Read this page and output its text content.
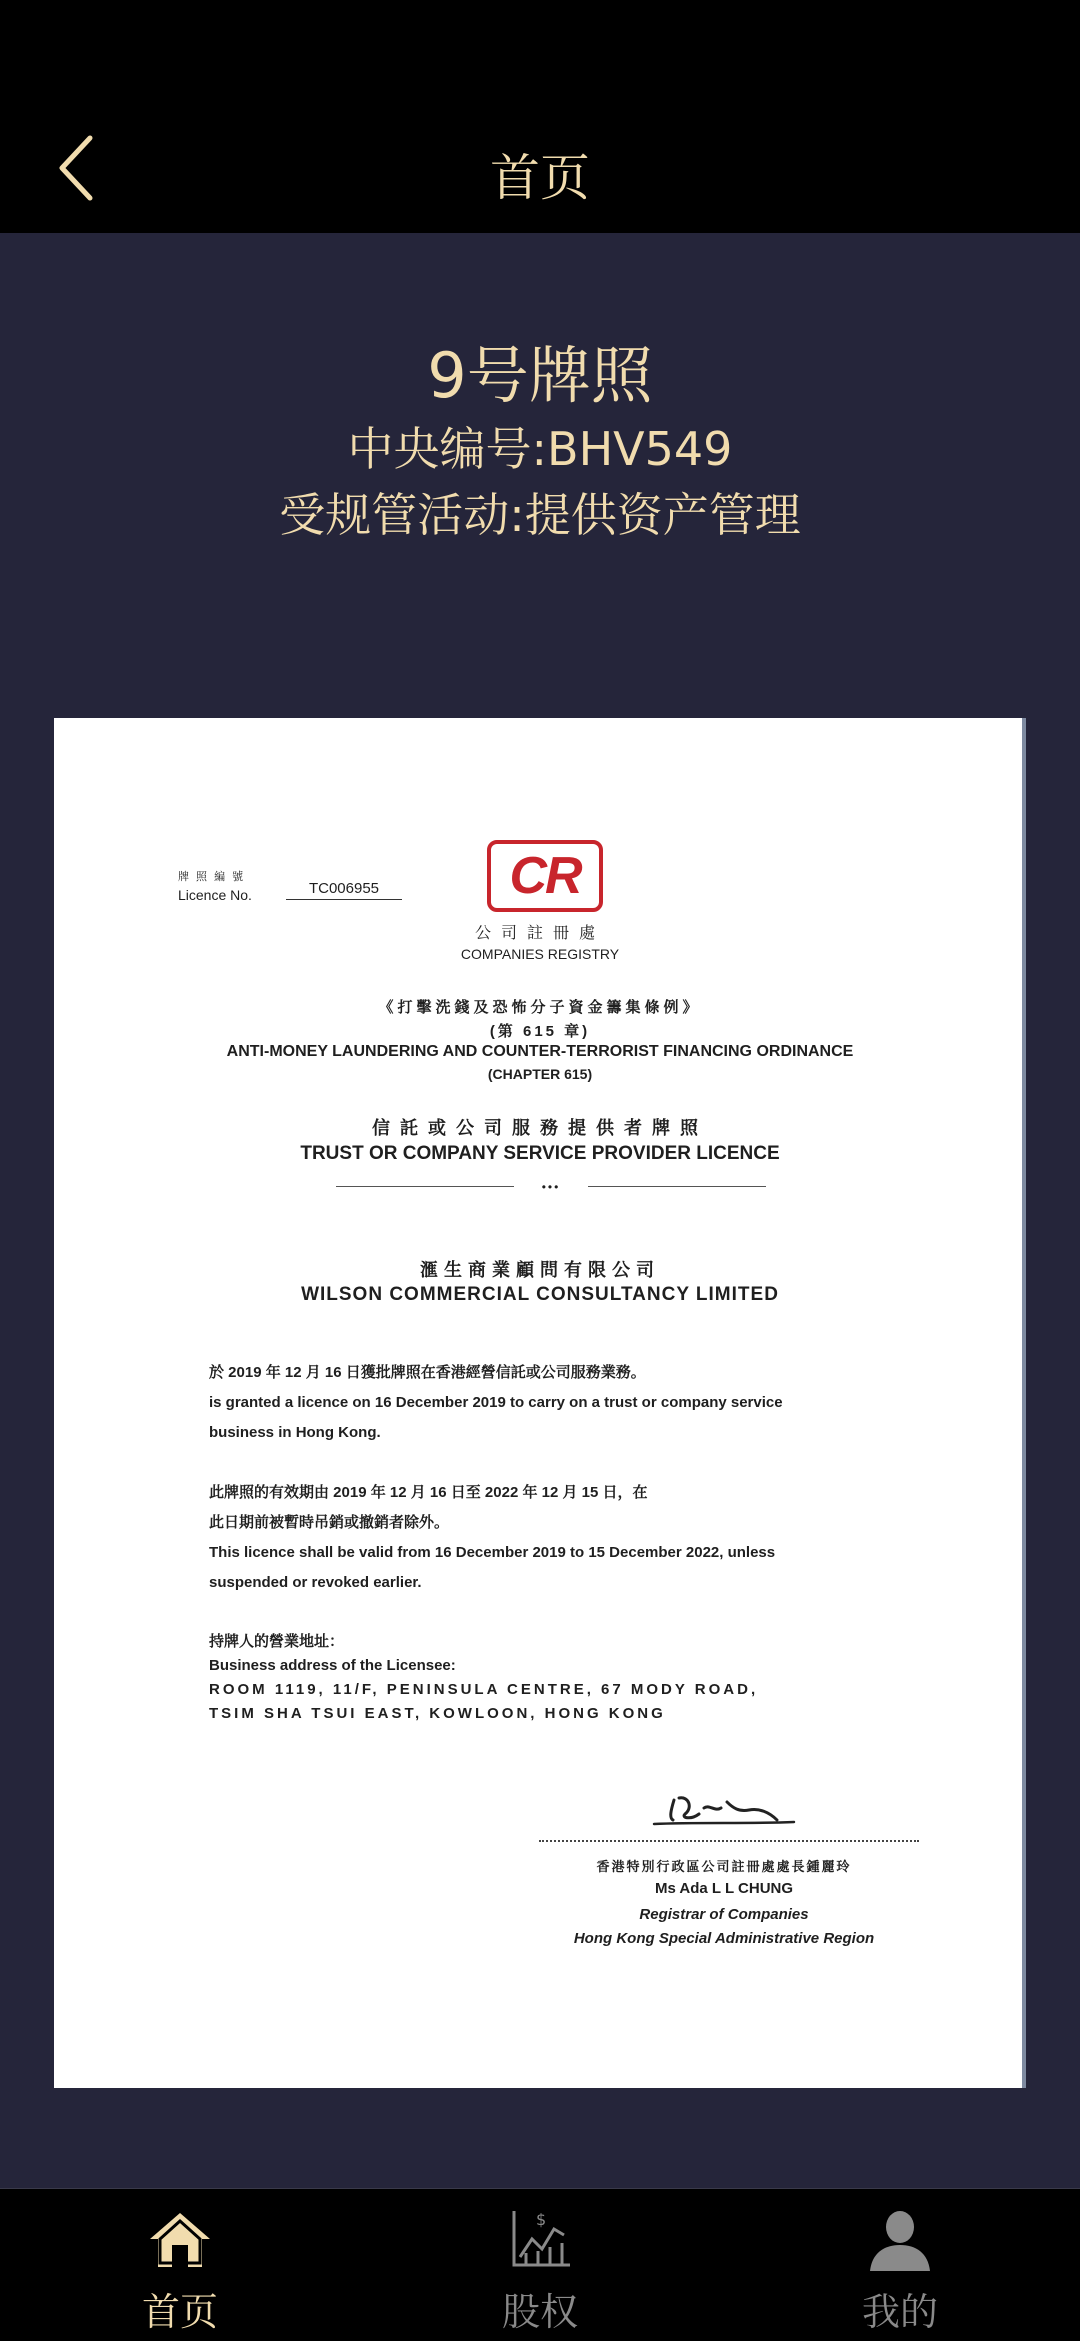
首页
9号牌照
中央编号:BHV549
受规管活动:提供资产管理
牌 照 編 號
Licence No.	TC006955	CR
公司註冊處
COMPANIES REGISTRY
《打擊洗錢及恐怖分子資金籌集條例》
(第 615 章)
ANTI-MONEY LAUNDERING AND COUNTER-TERRORIST FINANCING ORDINANCE
(CHAPTER 615)
信託或公司服務提供者牌照
TRUST OR COMPANY SERVICE PROVIDER LICENCE
•••
滙生商業顧問有限公司
WILSON COMMERCIAL CONSULTANCY LIMITED
於 2019 年 12 月 16 日獲批牌照在香港經營信託或公司服務業務。
is granted a licence on 16 December 2019 to carry on a trust or company service
business in Hong Kong.
此牌照的有效期由 2019 年 12 月 16 日至 2022 年 12 月 15 日，在
此日期前被暫時吊銷或撤銷者除外。
This licence shall be valid from 16 December 2019 to 15 December 2022, unless
suspended or revoked earlier.
持牌人的營業地址：
Business address of the Licensee:
ROOM 1119, 11/F, PENINSULA CENTRE, 67 MODY ROAD,
TSIM SHA TSUI EAST, KOWLOON, HONG KONG
香港特別行政區公司註冊處處長鍾麗玲
Ms Ada L L CHUNG
Registrar of Companies
Hong Kong Special Administrative Region
首页
$
股权	我的
